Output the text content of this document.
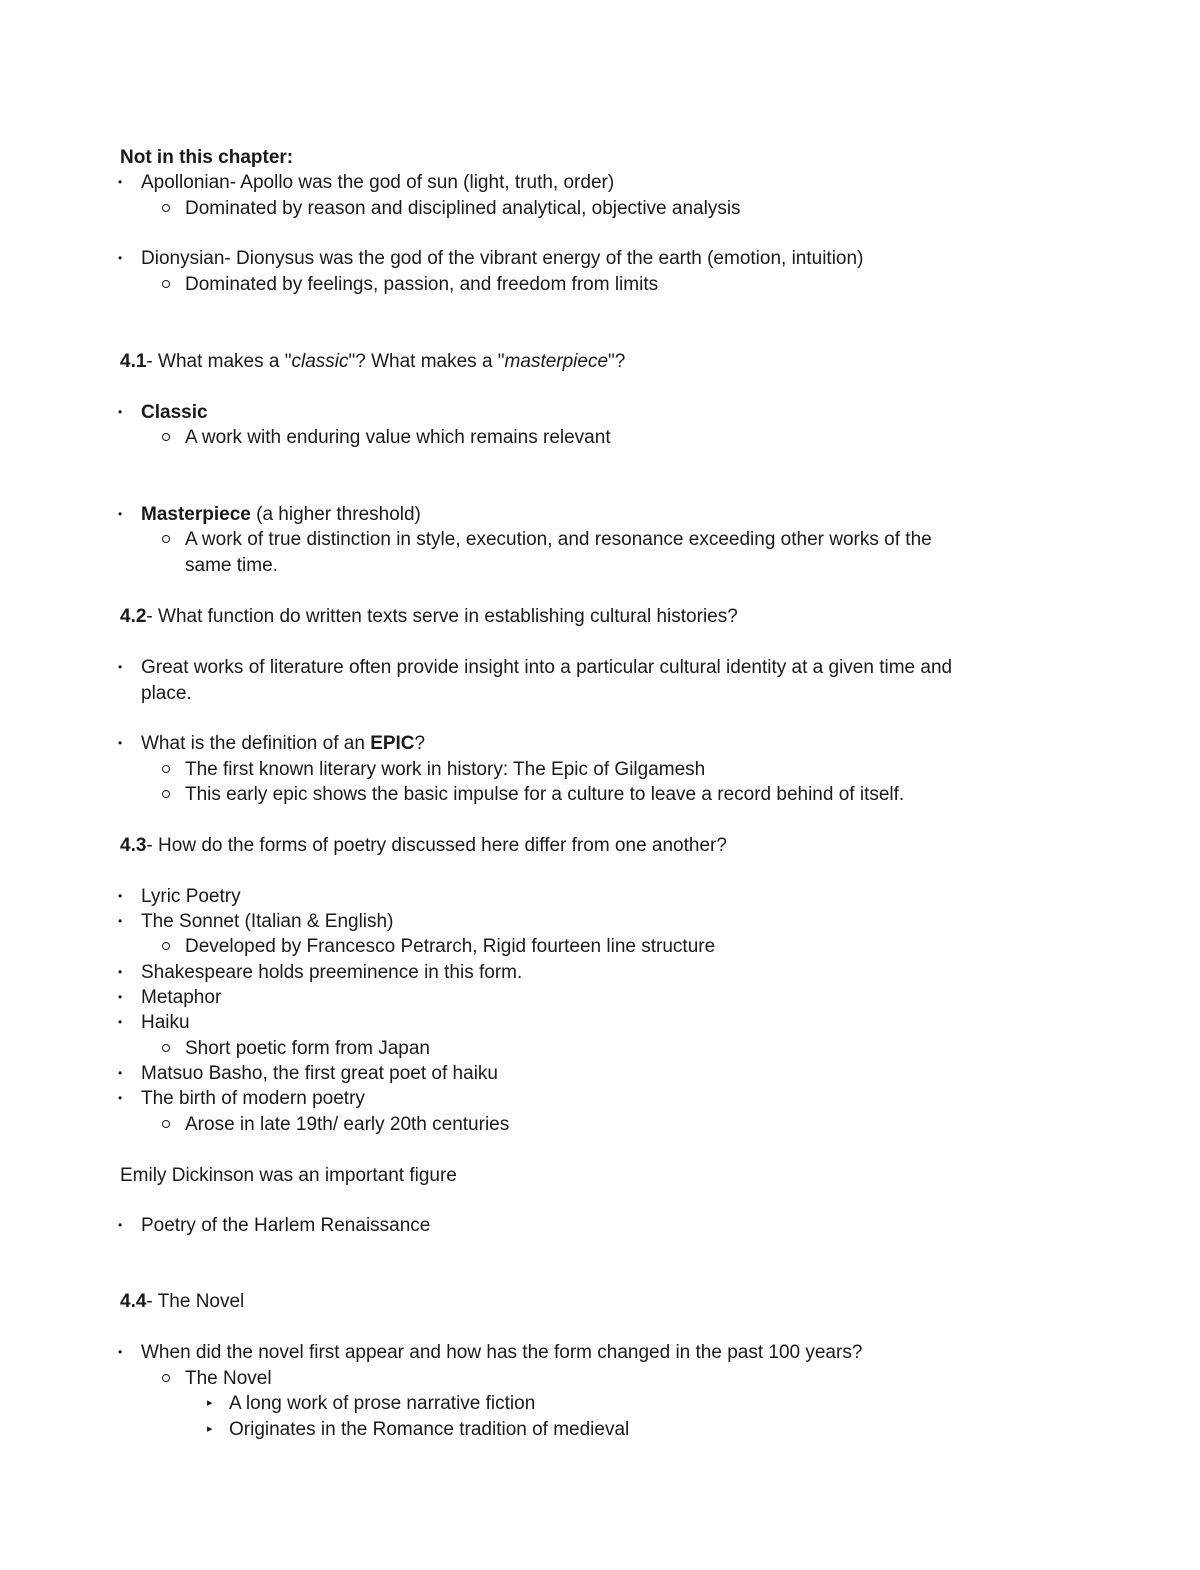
Not in this chapter:
• Apollonian- Apollo was the god of sun (light, truth, order)
Dominated by reason and disciplined analytical, objective analysis
• Dionysian- Dionysus was the god of the vibrant energy of the earth (emotion, intuition)
Dominated by feelings, passion, and freedom from limits
4.1- What makes a "classic"? What makes a "masterpiece"?
• Classic
A work with enduring value which remains relevant
• Masterpiece (a higher threshold)
A work of true distinction in style, execution, and resonance exceeding other works of the
same time.
4.2- What function do written texts serve in establishing cultural histories?
• Great works of literature often provide insight into a particular cultural identity at a given time and
place.
• What is the definition of an EPIC?
The first known literary work in history: The Epic of Gilgamesh
This early epic shows the basic impulse for a culture to leave a record behind of itself.
4.3- How do the forms of poetry discussed here differ from one another?
• Lyric Poetry
• The Sonnet (Italian & English)
Developed by Francesco Petrarch, Rigid fourteen line structure
• Shakespeare holds preeminence in this form.
• Metaphor
• Haiku
Short poetic form from Japan
• Matsuo Basho, the first great poet of haiku
• The birth of modern poetry
Arose in late 19th/ early 20th centuries
Emily Dickinson was an important figure
• Poetry of the Harlem Renaissance
4.4- The Novel
• When did the novel first appear and how has the form changed in the past 100 years?
The Novel
▸ A long work of prose narrative fiction
▸ Originates in the Romance tradition of medieval
